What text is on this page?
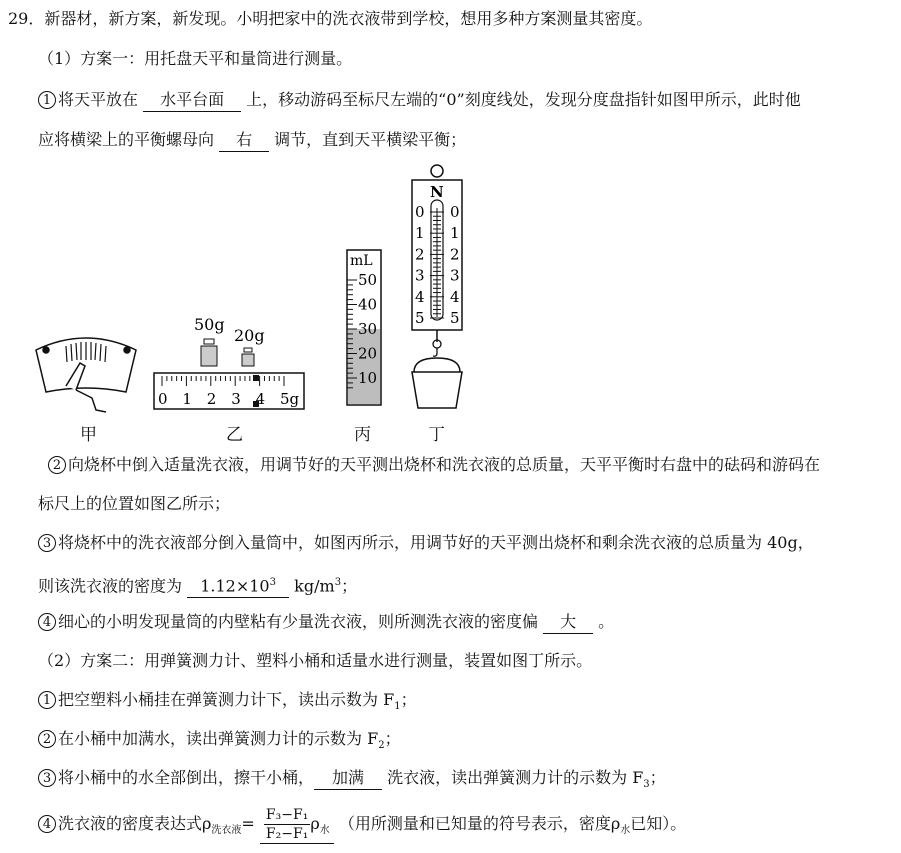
29．新器材，新方案，新发现。小明把家中的洗衣液带到学校，想用多种方案测量其密度。
（1）方案一：用托盘天平和量筒进行测量。
1 将天平放在 水平台面 上，移动游码至标尺左端的“0”刻度线处，发现分度盘指针如图甲所示，此时他
应将横梁上的平衡螺母向 右 调节，直到天平横梁平衡；
50g
20g
0 1 2 3 4 5g
mL
50
40
30
20
10
N
0 0
1 1
2 2
3 3
4 4
5 5
甲	乙	丙	丁
2 向烧杯中倒入适量洗衣液，用调节好的天平测出烧杯和洗衣液的总质量，天平平衡时右盘中的砝码和游码在
标尺上的位置如图乙所示；
3 将烧杯中的洗衣液部分倒入量筒中，如图丙所示，用调节好的天平测出烧杯和剩余洗衣液的总质量为 40g，
则该洗衣液的密度为 $1.12\times 10^3$ $kg/m^3$；
4 细心的小明发现量筒的内壁粘有少量洗衣液，则所测洗衣液的密度偏 大 。
（2）方案二：用弹簧测力计、塑料小桶和适量水进行测量，装置如图丁所示。
1 把空塑料小桶挂在弹簧测力计下，读出示数为 $F_1$；
2 在小桶中加满水，读出弹簧测力计的示数为 $F_2$；
3 将小桶中的水全部倒出，擦干小桶， 加满 洗衣液，读出弹簧测力计的示数为 $F_3$；
4 洗衣液的密度表达式$\rho_{洗衣液}= \frac{\text{F₃−F₁}}{\text{F₂−F₁}} \rho_水$ （用所测量和已知量的符号表示，密度$\rho_水$已知）。
